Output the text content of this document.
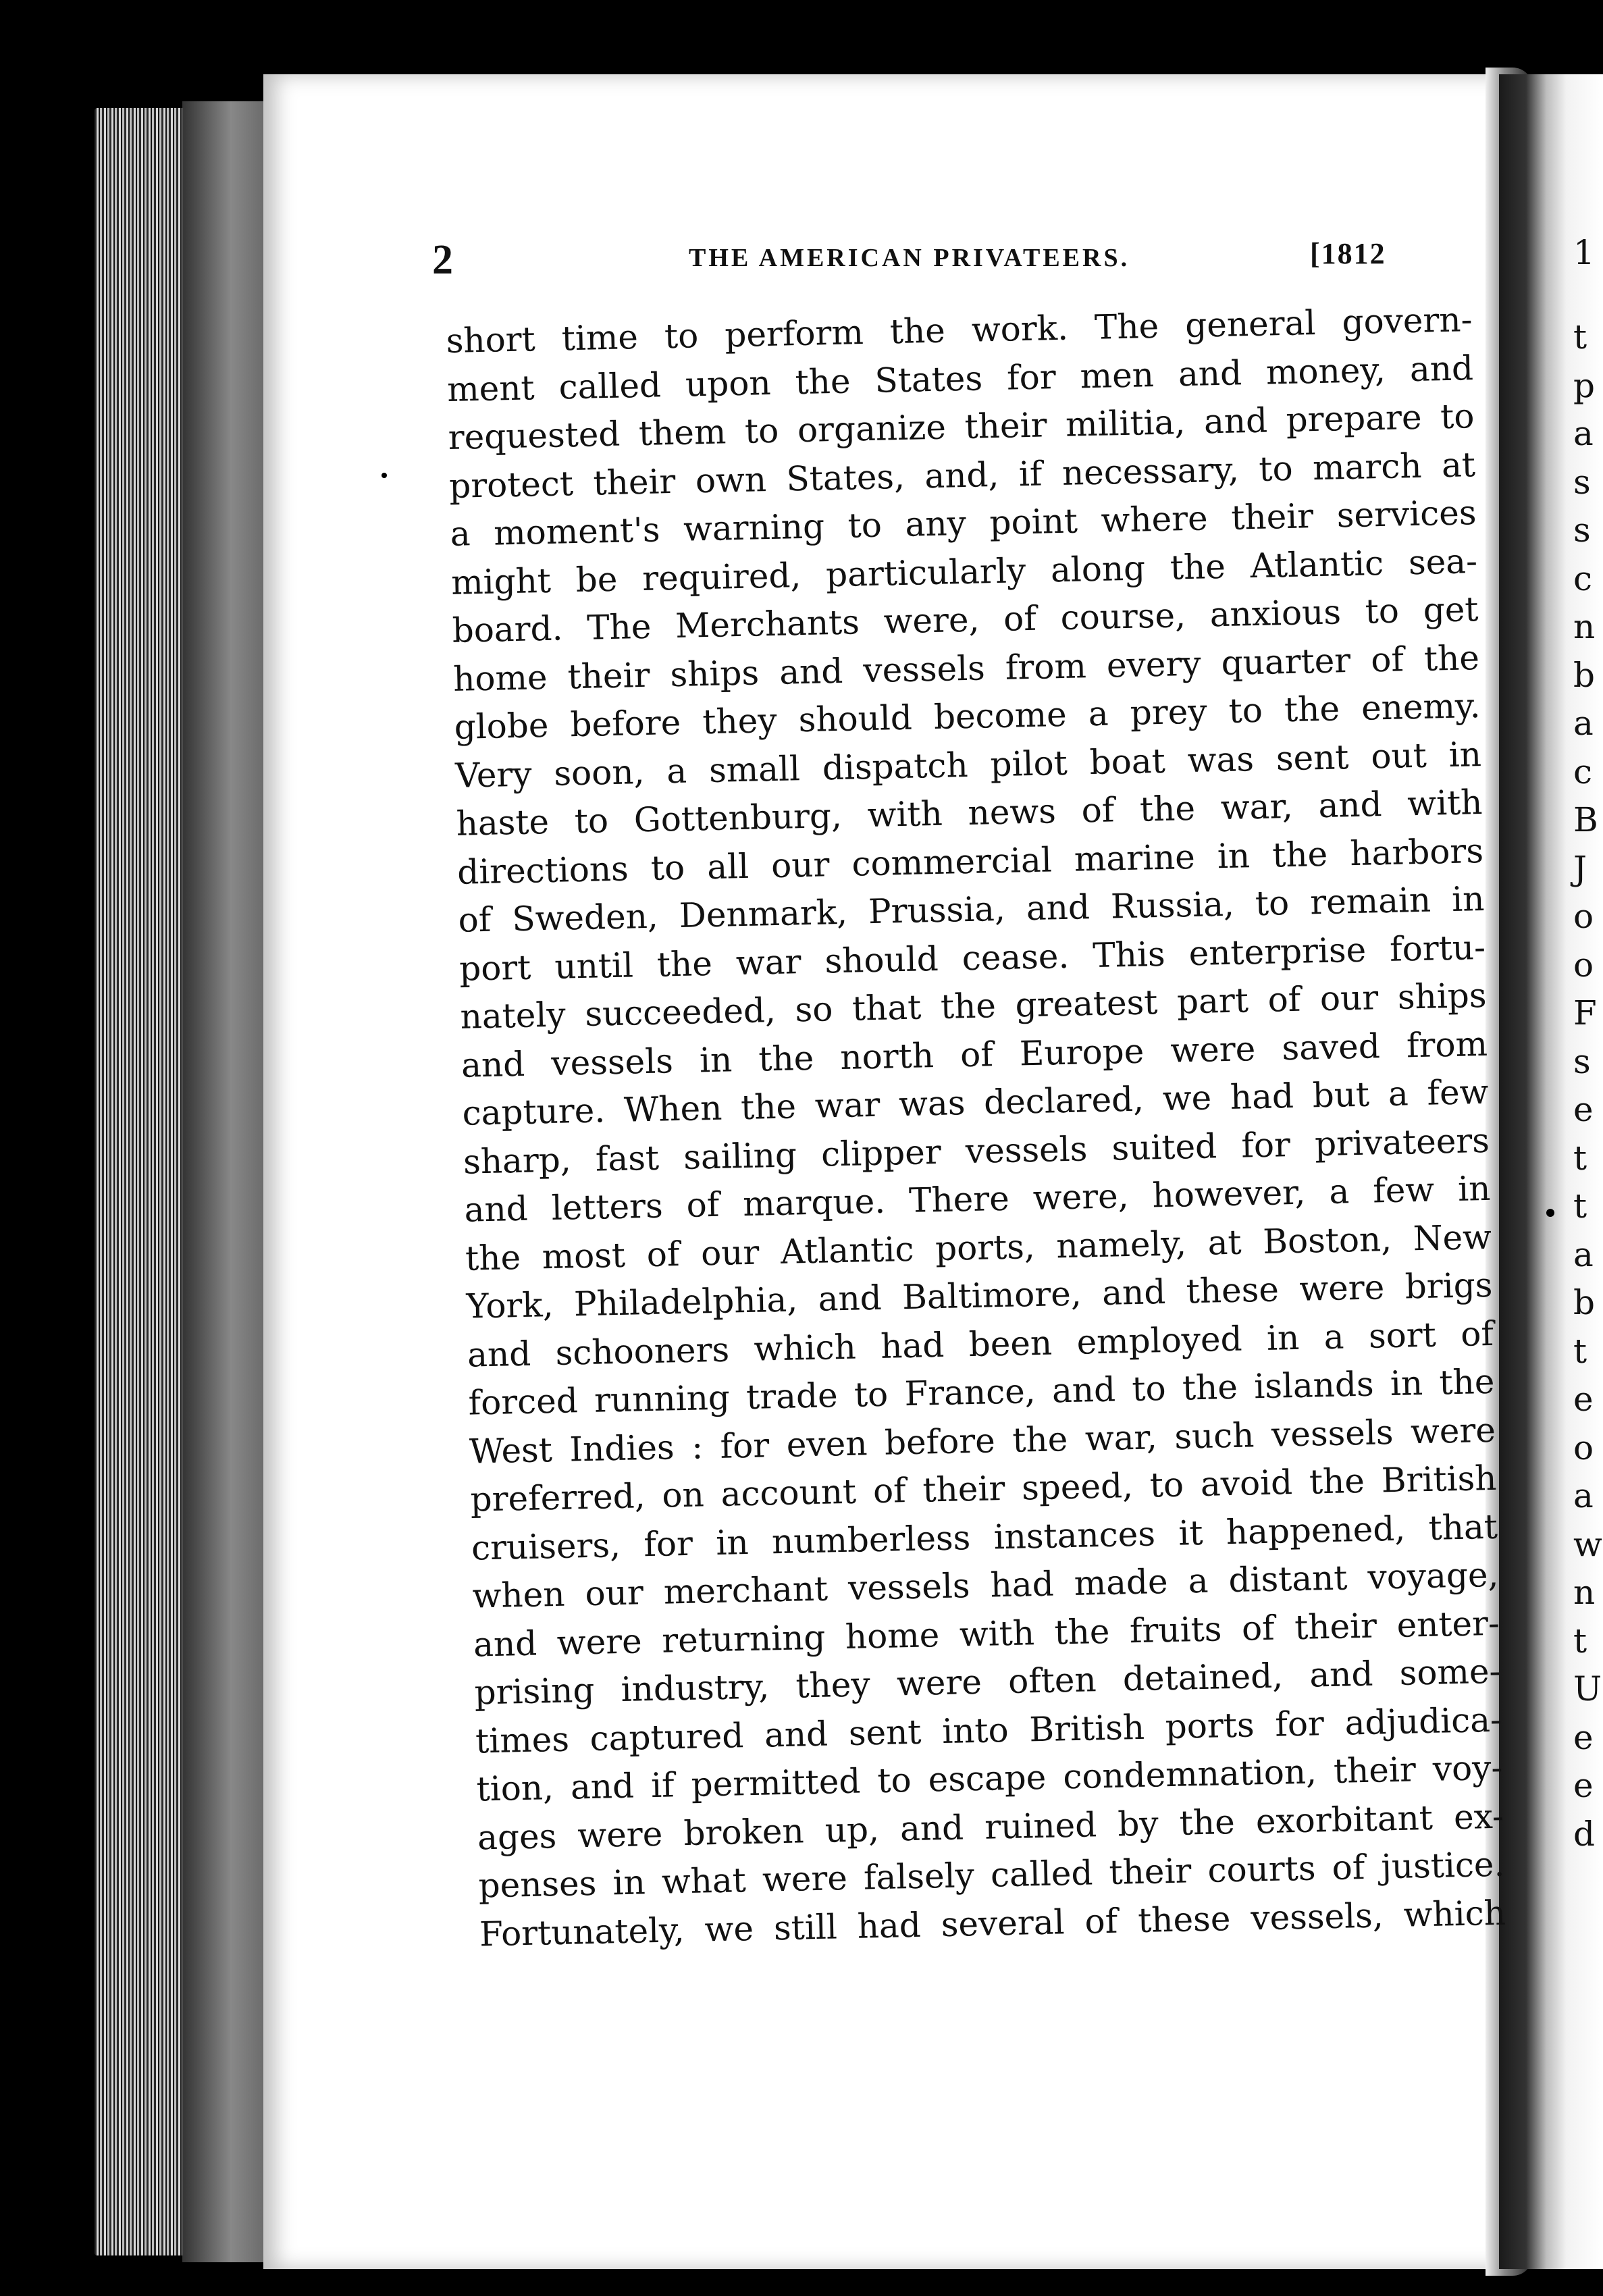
2	THE AMERICAN PRIVATEERS.	[1812
short time to perform the work. The general govern-
ment called upon the States for men and money, and
requested them to organize their militia, and prepare to
protect their own States, and, if necessary, to march at
a moment's warning to any point where their services
might be required, particularly along the Atlantic sea-
board. The Merchants were, of course, anxious to get
home their ships and vessels from every quarter of the
globe before they should become a prey to the enemy.
Very soon, a small dispatch pilot boat was sent out in
haste to Gottenburg, with news of the war, and with
directions to all our commercial marine in the harbors
of Sweden, Denmark, Prussia, and Russia, to remain in
port until the war should cease. This enterprise fortu-
nately succeeded, so that the greatest part of our ships
and vessels in the north of Europe were saved from
capture. When the war was declared, we had but a few
sharp, fast sailing clipper vessels suited for privateers
and letters of marque. There were, however, a few in
the most of our Atlantic ports, namely, at Boston, New
York, Philadelphia, and Baltimore, and these were brigs
and schooners which had been employed in a sort of
forced running trade to France, and to the islands in the
West Indies : for even before the war, such vessels were
preferred, on account of their speed, to avoid the British
cruisers, for in numberless instances it happened, that
when our merchant vessels had made a distant voyage,
and were returning home with the fruits of their enter-
prising industry, they were often detained, and some-
times captured and sent into British ports for adjudica-
tion, and if permitted to escape condemnation, their voy-
ages were broken up, and ruined by the exorbitant ex-
penses in what were falsely called their courts of justice.
Fortunately, we still had several of these vessels, which
1
t
p
a
s
s
c
n
b
a
c
B
J
o
o
F
s
e
t
t
a
b
t
e
o
a
w
n
t
U
e
e
d
